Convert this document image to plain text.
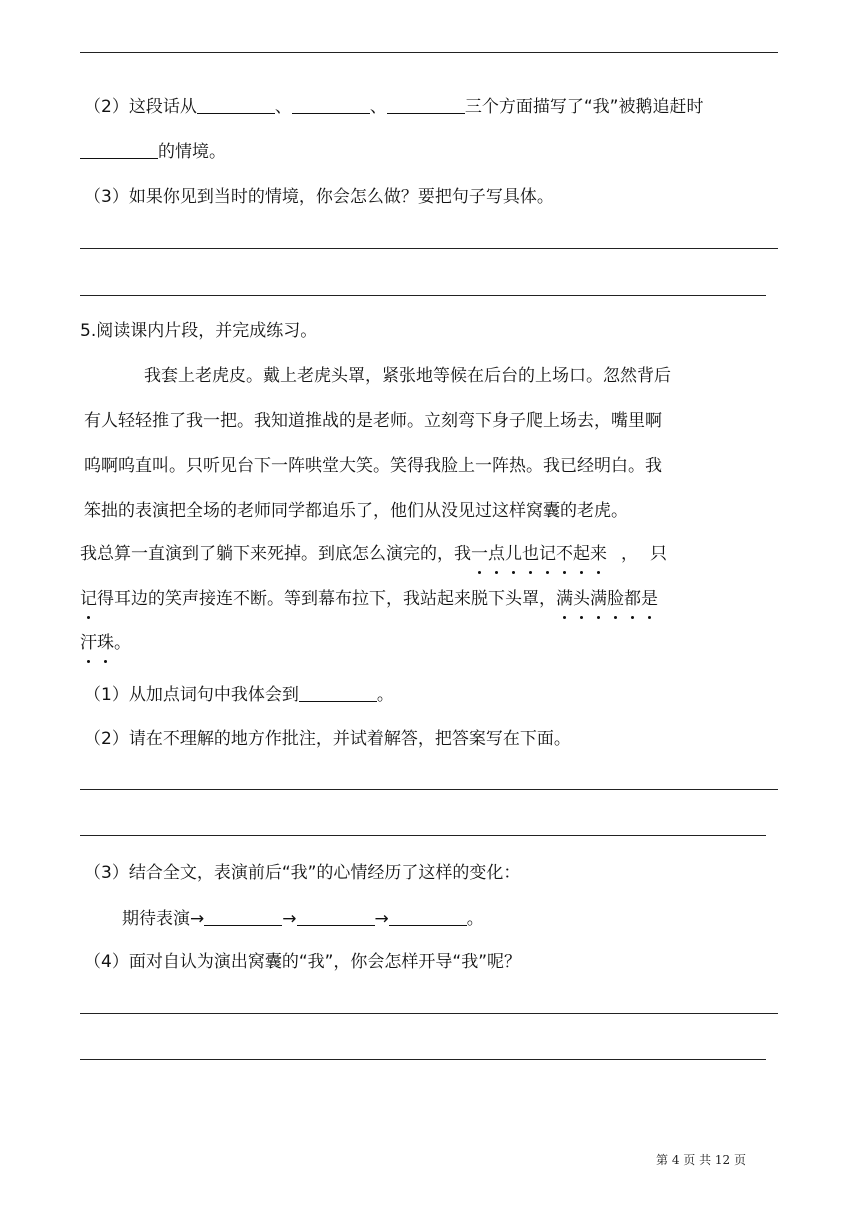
（2）这段话从	、	、	三个方面描写了“我”被鹅追赶时
的情境。
（3）如果你见到当时的情境，你会怎么做？要把句子写具体。
5.阅读课内片段，并完成练习。
我套上老虎皮。戴上老虎头罩，紧张地等候在后台的上场口。忽然背后
有人轻轻推了我一把。我知道推战的是老师。立刻弯下身子爬上场去，嘴里啊
呜啊呜直叫。只听见台下一阵哄堂大笑。笑得我脸上一阵热。我已经明白。我
笨拙的表演把全场的老师同学都追乐了，他们从没见过这样窝囊的老虎。
我总算一直演到了躺下来死掉。到底怎么演完的，我一点儿也记不起来 ，只
记得耳边的笑声接连不断。等到幕布拉下，我站起来脱下头罩，满头满脸都是
汗珠。
（1）从加点词句中我体会到	。
（2）请在不理解的地方作批注，并试着解答，把答案写在下面。
（3）结合全文，表演前后“我”的心情经历了这样的变化：
期待表演→	→	→	。
（4）面对自认为演出窝囊的“我”，你会怎样开导“我”呢？
第 4 页 共 12 页
